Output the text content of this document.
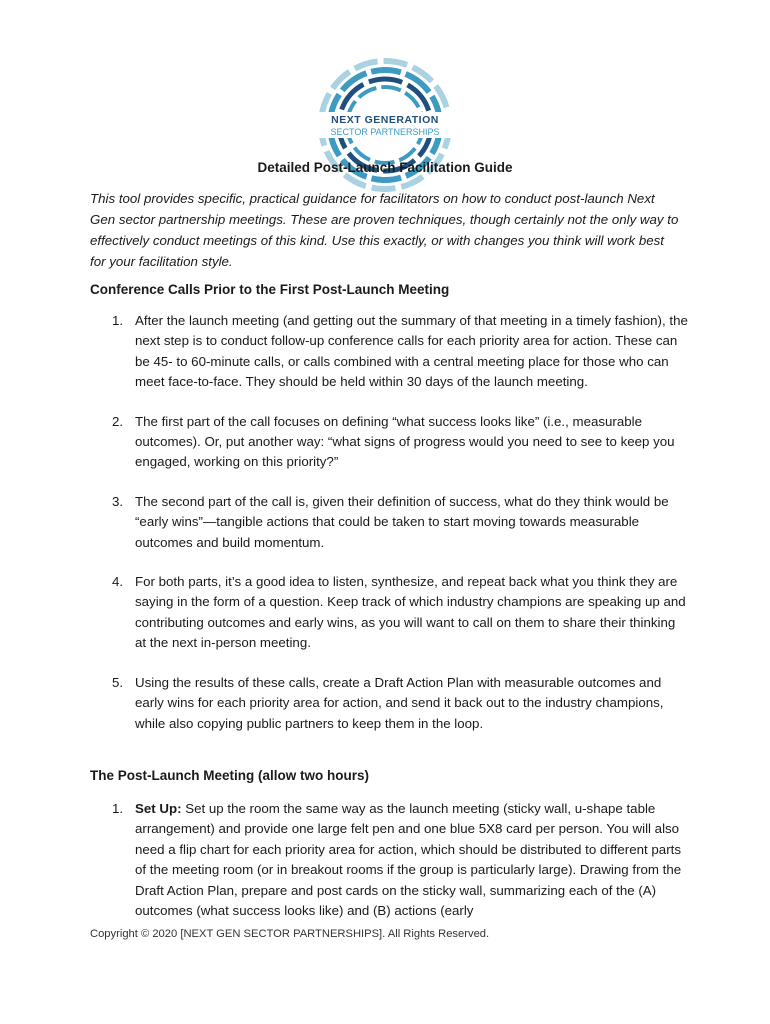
NEXT GENERATION
SECTOR PARTNERSHIPS
Detailed Post-Launch Facilitation Guide

This tool provides specific, practical guidance for facilitators on how to conduct post-launch Next Gen sector partnership meetings. These are proven techniques, though certainly not the only way to effectively conduct meetings of this kind. Use this exactly, or with changes you think will work best for your facilitation style.

Conference Calls Prior to the First Post-Launch Meeting
1. After the launch meeting (and getting out the summary of that meeting in a timely fashion), the next step is to conduct follow-up conference calls for each priority area for action. These can be 45- to 60-minute calls, or calls combined with a central meeting place for those who can meet face-to-face. They should be held within 30 days of the launch meeting.
2. The first part of the call focuses on defining “what success looks like” (i.e., measurable outcomes). Or, put another way: “what signs of progress would you need to see to keep you engaged, working on this priority?”
3. The second part of the call is, given their definition of success, what do they think would be “early wins”—tangible actions that could be taken to start moving towards measurable outcomes and build momentum.
4. For both parts, it’s a good idea to listen, synthesize, and repeat back what you think they are saying in the form of a question. Keep track of which industry champions are speaking up and contributing outcomes and early wins, as you will want to call on them to share their thinking at the next in-person meeting.
5. Using the results of these calls, create a Draft Action Plan with measurable outcomes and early wins for each priority area for action, and send it back out to the industry champions, while also copying public partners to keep them in the loop.
The Post-Launch Meeting (allow two hours)
1. Set Up: Set up the room the same way as the launch meeting (sticky wall, u-shape table arrangement) and provide one large felt pen and one blue 5X8 card per person. You will also need a flip chart for each priority area for action, which should be distributed to different parts of the meeting room (or in breakout rooms if the group is particularly large). Drawing from the Draft Action Plan, prepare and post cards on the sticky wall, summarizing each of the (A) outcomes (what success looks like) and (B) actions (early
Copyright © 2020 [NEXT GEN SECTOR PARTNERSHIPS]. All Rights Reserved.
